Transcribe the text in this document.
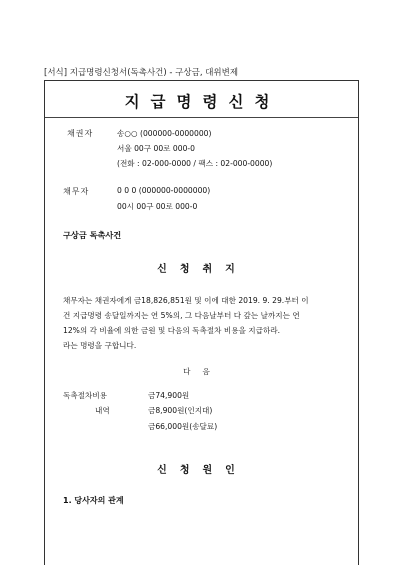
[서식] 지급명령신청서(독촉사건) - 구상금, 대위변제
지급명령신청
채권자	송○○ (000000-0000000)
서울 00구 00로 000-0
(전화 : 02-000-0000 / 팩스 : 02-000-0000)
채무자	0 0 0 (000000-0000000)
00시 00구 00로 000-0
구상금 독촉사건
신청취지
채무자는 채권자에게 금18,826,851원 및 이에 대한 2019. 9. 29.부터 이
건 지급명령 송달일까지는 연 5%의, 그 다음날부터 다 갚는 날까지는 연
12%의 각 비율에 의한 금원 및 다음의 독촉절차 비용을 지급하라.
라는 명령을 구합니다.
다음
독촉절차비용	금74,900원
내역	금8,900원(인지대)
금66,000원(송달료)
신청원인
1. 당사자의 관계
